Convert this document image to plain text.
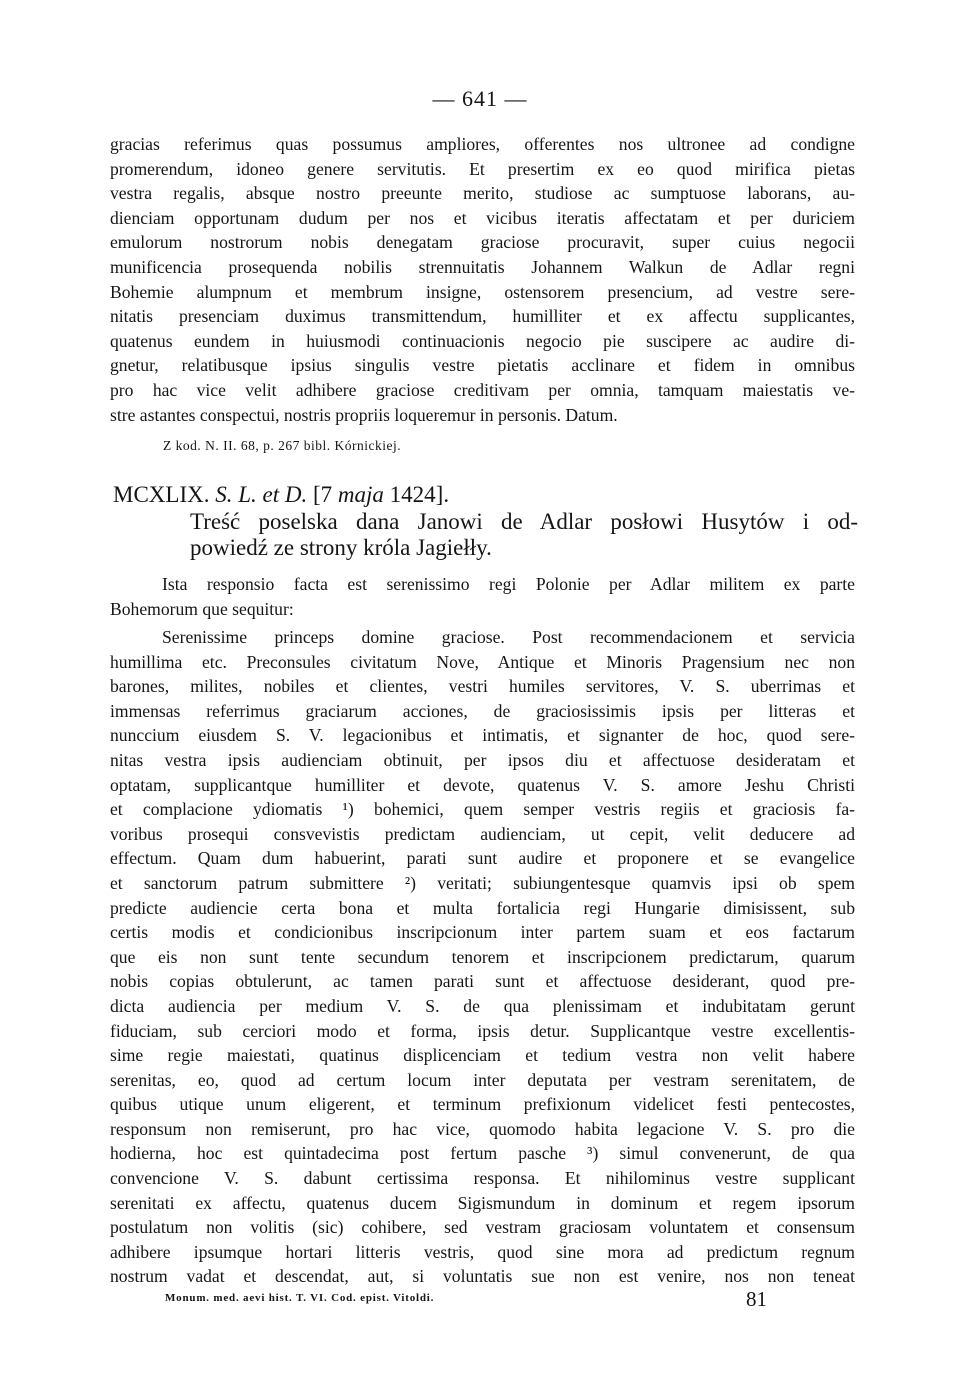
— 641 —
gracias referimus quas possumus ampliores, offerentes nos ultronee ad condigne
promerendum, idoneo genere servitutis. Et presertim ex eo quod mirifica pietas
vestra regalis, absque nostro preeunte merito, studiose ac sumptuose laborans, au-
dienciam opportunam dudum per nos et vicibus iteratis affectatam et per duriciem
emulorum nostrorum nobis denegatam graciose procuravit, super cuius negocii
munificencia prosequenda nobilis strennuitatis Johannem Walkun de Adlar regni
Bohemie alumpnum et membrum insigne, ostensorem presencium, ad vestre sere-
nitatis presenciam duximus transmittendum, humilliter et ex affectu supplicantes,
quatenus eundem in huiusmodi continuacionis negocio pie suscipere ac audire di-
gnetur, relatibusque ipsius singulis vestre pietatis acclinare et fidem in omnibus
pro hac vice velit adhibere graciose creditivam per omnia, tamquam maiestatis ve-
stre astantes conspectui, nostris propriis loqueremur in personis. Datum.
Z kod. N. II. 68, p. 267 bibl. Kórnickiej.
MCXLIX. S. L. et D. [7 maja 1424].
Treść poselska dana Janowi de Adlar posłowi Husytów i od-
powiedź ze strony króla Jagiełły.
Ista responsio facta est serenissimo regi Polonie per Adlar militem ex parte
Bohemorum que sequitur:
Serenissime princeps domine graciose. Post recommendacionem et servicia
humillima etc. Preconsules civitatum Nove, Antique et Minoris Pragensium nec non
barones, milites, nobiles et clientes, vestri humiles servitores, V. S. uberrimas et
immensas referrimus graciarum acciones, de graciosissimis ipsis per litteras et
nunccium eiusdem S. V. legacionibus et intimatis, et signanter de hoc, quod sere-
nitas vestra ipsis audienciam obtinuit, per ipsos diu et affectuose desideratam et
optatam, supplicantque humilliter et devote, quatenus V. S. amore Jeshu Christi
et complacione ydiomatis ¹) bohemici, quem semper vestris regiis et graciosis fa-
voribus prosequi consvevistis predictam audienciam, ut cepit, velit deducere ad
effectum. Quam dum habuerint, parati sunt audire et proponere et se evangelice
et sanctorum patrum submittere ²) veritati; subiungentesque quamvis ipsi ob spem
predicte audiencie certa bona et multa fortalicia regi Hungarie dimisissent, sub
certis modis et condicionibus inscripcionum inter partem suam et eos factarum
que eis non sunt tente secundum tenorem et inscripcionem predictarum, quarum
nobis copias obtulerunt, ac tamen parati sunt et affectuose desiderant, quod pre-
dicta audiencia per medium V. S. de qua plenissimam et indubitatam gerunt
fiduciam, sub cerciori modo et forma, ipsis detur. Supplicantque vestre excellentis-
sime regie maiestati, quatinus displicenciam et tedium vestra non velit habere
serenitas, eo, quod ad certum locum inter deputata per vestram serenitatem, de
quibus utique unum eligerent, et terminum prefixionum videlicet festi pentecostes,
responsum non remiserunt, pro hac vice, quomodo habita legacione V. S. pro die
hodierna, hoc est quintadecima post fertum pasche ³) simul convenerunt, de qua
convencione V. S. dabunt certissima responsa. Et nihilominus vestre supplicant
serenitati ex affectu, quatenus ducem Sigismundum in dominum et regem ipsorum
postulatum non volitis (sic) cohibere, sed vestram graciosam voluntatem et consensum
adhibere ipsumque hortari litteris vestris, quod sine mora ad predictum regnum
nostrum vadat et descendat, aut, si voluntatis sue non est venire, nos non teneat
Monum. med. aevi hist. T. VI. Cod. epist. Vitoldi.	81
